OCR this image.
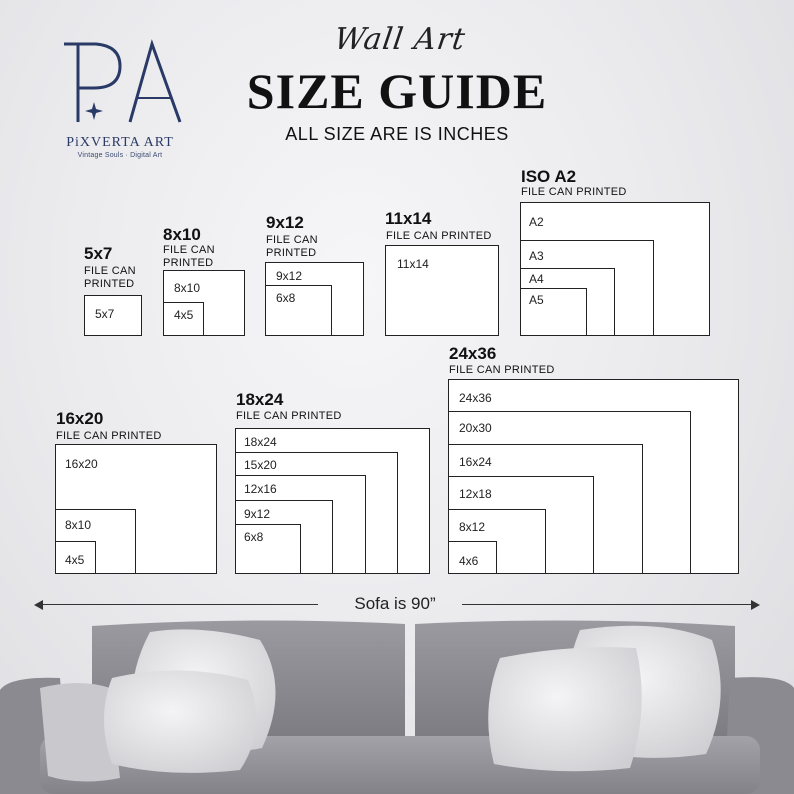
PiXVERTA ART
Vintage Souls · Digital Art
Wall Art
SIZE GUIDE
ALL SIZE ARE IS INCHES
5x7
FILE CAN PRINTED
5x7
8x10
FILE CAN PRINTED
8x10
4x5
9x12
FILE CAN PRINTED
9x12
6x8
11x14
FILE CAN PRINTED
11x14
ISO A2
FILE CAN PRINTED
A2
A3
A4
A5
16x20
FILE CAN PRINTED
16x20
8x10
4x5
18x24
FILE CAN PRINTED
18x24
15x20
12x16
9x12
6x8
24x36
FILE CAN PRINTED
24x36
20x30
16x24
12x18
8x12
4x6
Sofa is 90”
